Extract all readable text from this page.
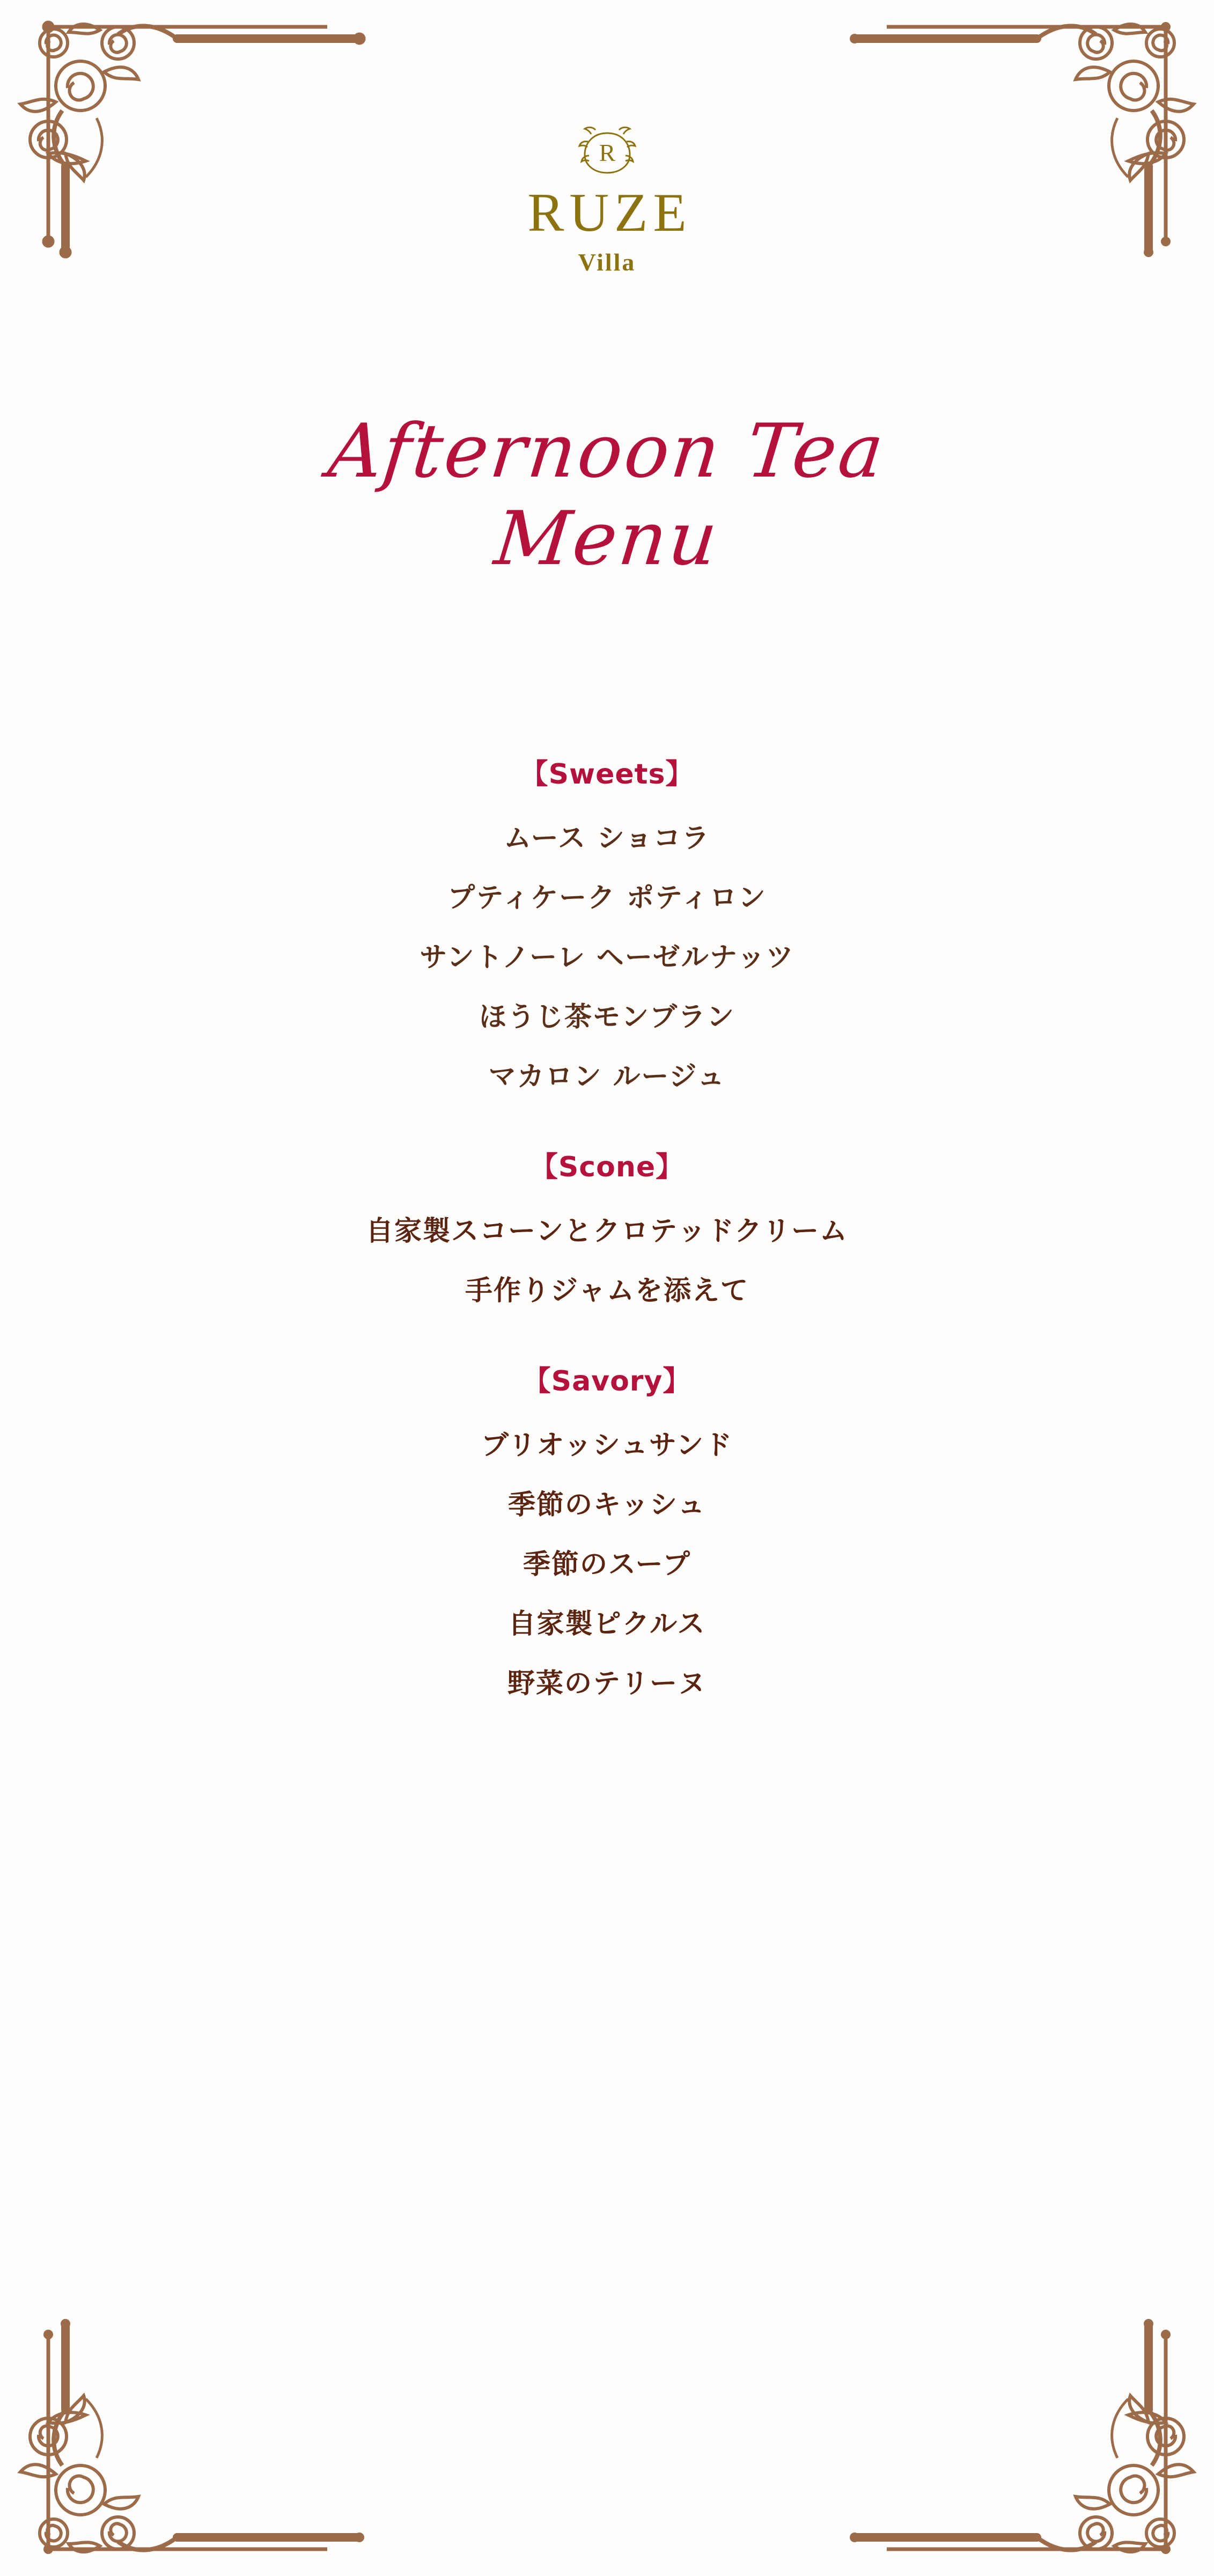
R
RUZE
Villa
Afternoon Tea
Menu
【Sweets】
ムース ショコラ
プティケーク ポティロン
サントノーレ ヘーゼルナッツ
ほうじ茶モンブラン
マカロン ルージュ
【Scone】
自家製スコーンとクロテッドクリーム
手作りジャムを添えて
【Savory】
ブリオッシュサンド
季節のキッシュ
季節のスープ
自家製ピクルス
野菜のテリーヌ
